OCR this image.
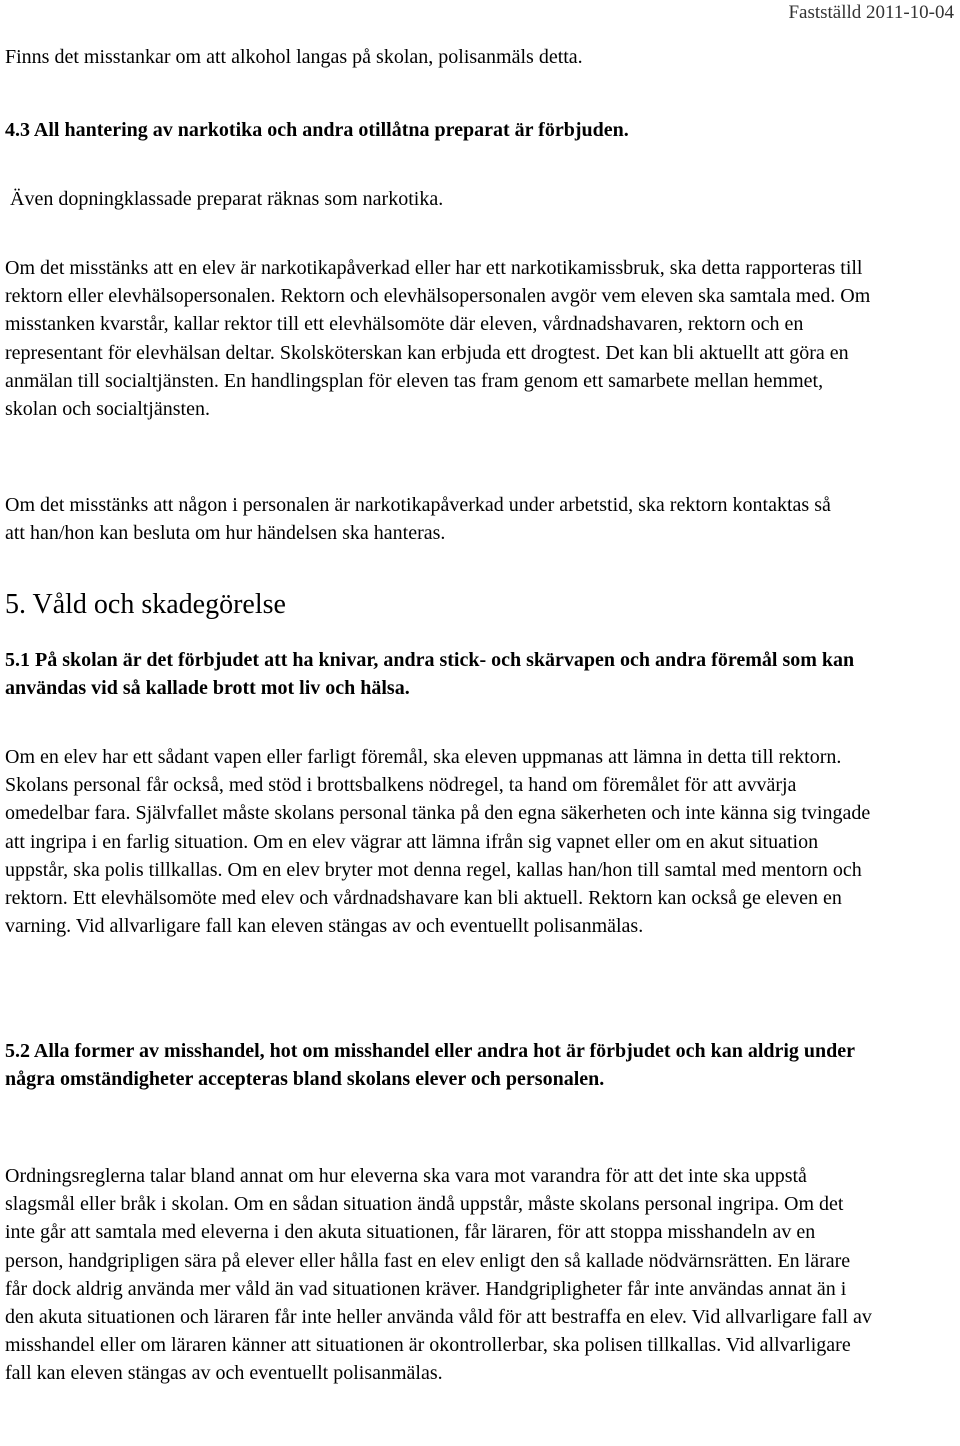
Fastställd 2011-10-04

Finns det misstankar om att alkohol langas på skolan, polisanmäls detta.

4.3 All hantering av narkotika och andra otillåtna preparat är förbjuden.

Även dopningklassade preparat räknas som narkotika.

Om det misstänks att en elev är narkotikapåverkad eller har ett narkotikamissbruk, ska detta rapporteras till rektorn eller elevhälsopersonalen. Rektorn och elevhälsopersonalen avgör vem eleven ska samtala med. Om misstanken kvarstår, kallar rektor till ett elevhälsomöte där eleven, vårdnadshavaren, rektorn och en representant för elevhälsan deltar. Skolsköterskan kan erbjuda ett drogtest. Det kan bli aktuellt att göra en anmälan till socialtjänsten. En handlingsplan för eleven tas fram genom ett samarbete mellan hemmet, skolan och socialtjänsten.

Om det misstänks att någon i personalen är narkotikapåverkad under arbetstid, ska rektorn kontaktas så att han/hon kan besluta om hur händelsen ska hanteras.

5. Våld och skadegörelse

5.1 På skolan är det förbjudet att ha knivar, andra stick- och skärvapen och andra föremål som kan användas vid så kallade brott mot liv och hälsa.

Om en elev har ett sådant vapen eller farligt föremål, ska eleven uppmanas att lämna in detta till rektorn. Skolans personal får också, med stöd i brottsbalkens nödregel, ta hand om föremålet för att avvärja omedelbar fara. Självfallet måste skolans personal tänka på den egna säkerheten och inte känna sig tvingade att ingripa i en farlig situation. Om en elev vägrar att lämna ifrån sig vapnet eller om en akut situation uppstår, ska polis tillkallas. Om en elev bryter mot denna regel, kallas han/hon till samtal med mentorn och rektorn. Ett elevhälsomöte med elev och vårdnadshavare kan bli aktuell. Rektorn kan också ge eleven en varning. Vid allvarligare fall kan eleven stängas av och eventuellt polisanmälas.

5.2 Alla former av misshandel, hot om misshandel eller andra hot är förbjudet och kan aldrig under några omständigheter accepteras bland skolans elever och personalen.

Ordningsreglerna talar bland annat om hur eleverna ska vara mot varandra för att det inte ska uppstå slagsmål eller bråk i skolan. Om en sådan situation ändå uppstår, måste skolans personal ingripa. Om det inte går att samtala med eleverna i den akuta situationen, får läraren, för att stoppa misshandeln av en person, handgripligen sära på elever eller hålla fast en elev enligt den så kallade nödvärnsrätten. En lärare får dock aldrig använda mer våld än vad situationen kräver. Handgripligheter får inte användas annat än i den akuta situationen och läraren får inte heller använda våld för att bestraffa en elev. Vid allvarligare fall av misshandel eller om läraren känner att situationen är okontrollerbar, ska polisen tillkallas. Vid allvarligare fall kan eleven stängas av och eventuellt polisanmälas.
